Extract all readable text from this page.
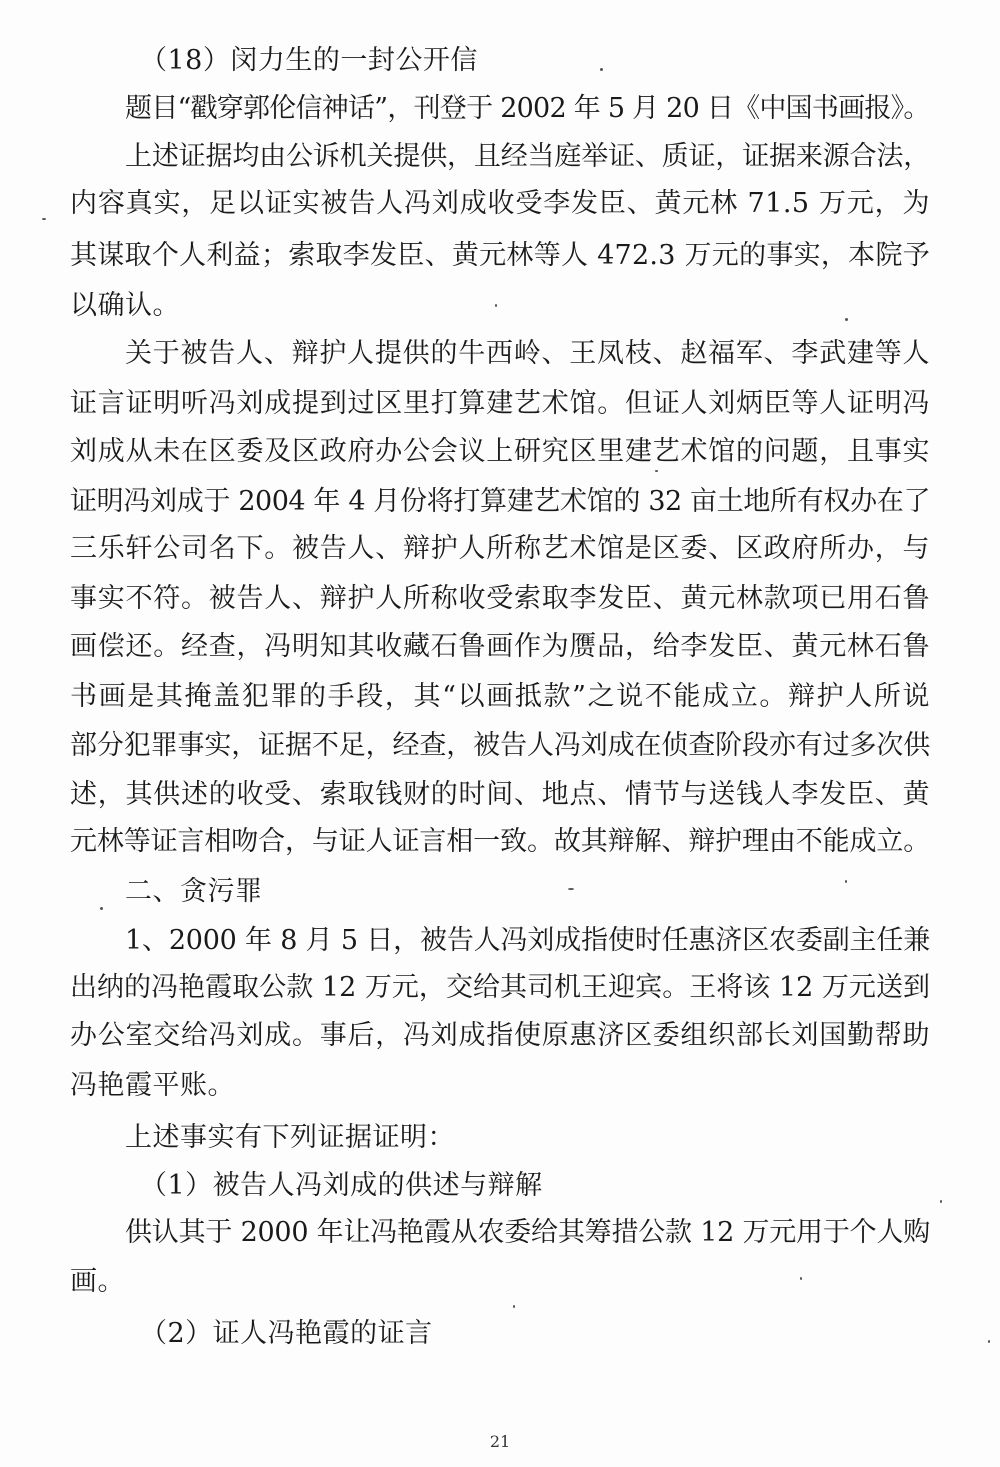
（18）闵力生的一封公开信
题目“戳穿郭伦信神话”，刊登于 2002 年 5 月 20 日《中国书画报》。
上述证据均由公诉机关提供，且经当庭举证、质证，证据来源合法，
内容真实，足以证实被告人冯刘成收受李发臣、黄元林 71.5 万元，为
其谋取个人利益；索取李发臣、黄元林等人 472.3 万元的事实，本院予
以确认。
关于被告人、辩护人提供的牛西岭、王凤枝、赵福军、李武建等人
证言证明听冯刘成提到过区里打算建艺术馆。但证人刘炳臣等人证明冯
刘成从未在区委及区政府办公会议上研究区里建艺术馆的问题，且事实
证明冯刘成于 2004 年 4 月份将打算建艺术馆的 32 亩土地所有权办在了
三乐轩公司名下。被告人、辩护人所称艺术馆是区委、区政府所办，与
事实不符。被告人、辩护人所称收受索取李发臣、黄元林款项已用石鲁
画偿还。经查，冯明知其收藏石鲁画作为赝品，给李发臣、黄元林石鲁
书画是其掩盖犯罪的手段，其“以画抵款”之说不能成立。辩护人所说
部分犯罪事实，证据不足，经查，被告人冯刘成在侦查阶段亦有过多次供
述，其供述的收受、索取钱财的时间、地点、情节与送钱人李发臣、黄
元林等证言相吻合，与证人证言相一致。故其辩解、辩护理由不能成立。
二、贪污罪
1、2000 年 8 月 5 日，被告人冯刘成指使时任惠济区农委副主任兼
出纳的冯艳霞取公款 12 万元，交给其司机王迎宾。王将该 12 万元送到
办公室交给冯刘成。事后，冯刘成指使原惠济区委组织部长刘国勤帮助
冯艳霞平账。
上述事实有下列证据证明：
（1）被告人冯刘成的供述与辩解
供认其于 2000 年让冯艳霞从农委给其筹措公款 12 万元用于个人购
画。
（2）证人冯艳霞的证言
21
